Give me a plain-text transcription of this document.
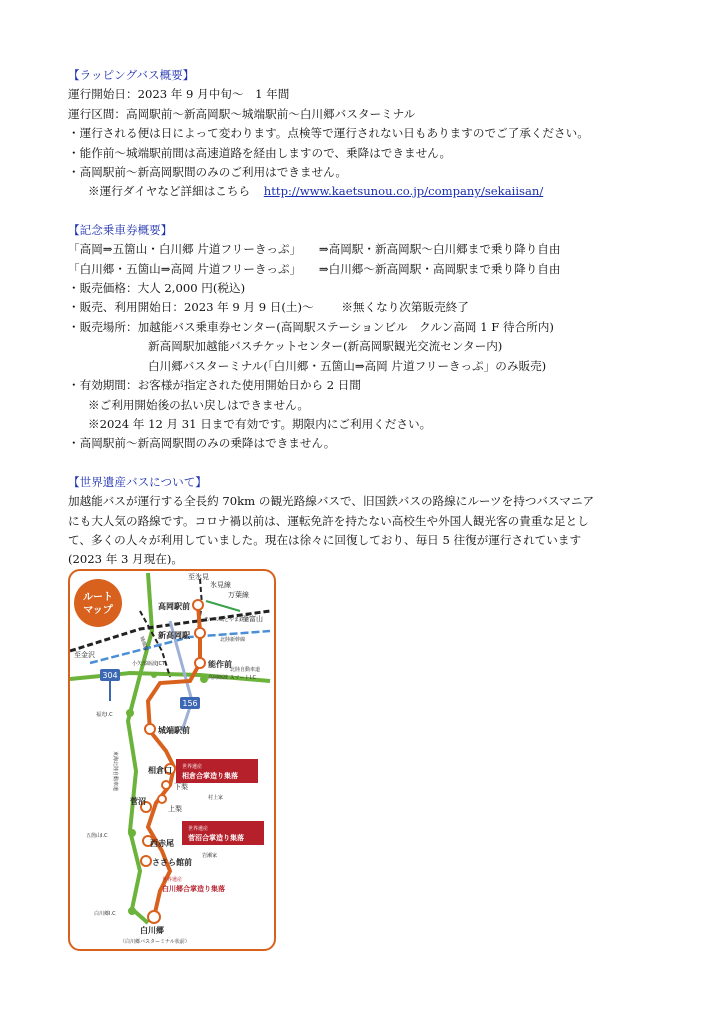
【ラッピングバス概要】
運行開始日：2023 年 9 月中旬～　1 年間
運行区間：高岡駅前～新高岡駅～城端駅前～白川郷バスターミナル
・運行される便は日によって変わります。点検等で運行されない日もありますのでご了承ください。
・能作前～城端駅前間は高速道路を経由しますので、乗降はできません。
・高岡駅前～新高岡駅間のみのご利用はできません。
※運行ダイヤなど詳細はこちら http://www.kaetsunou.co.jp/company/sekaiisan/
【記念乗車券概要】
「高岡⇒五箇山・白川郷 片道フリーきっぷ」 ⇒高岡駅・新高岡駅～白川郷まで乗り降り自由
「白川郷・五箇山⇒高岡 片道フリーきっぷ」 ⇒白川郷～新高岡駅・高岡駅まで乗り降り自由
・販売価格：大人 2,000 円(税込)
・販売、利用開始日：2023 年 9 月 9 日(土)～ ※無くなり次第販売終了
・販売場所：加越能バス乗車券センター(高岡駅ステーションビル　クルン高岡 1 F 待合所内)
新高岡駅加越能バスチケットセンター(新高岡駅観光交流センター内)
白川郷バスターミナル(「白川郷・五箇山⇒高岡 片道フリーきっぷ」のみ販売)
・有効期間：お客様が指定された使用開始日から 2 日間
※ご利用開始後の払い戻しはできません。
※2024 年 12 月 31 日まで有効です。期限内にご利用ください。
・高岡駅前～新高岡駅間のみの乗降はできません。
【世界遺産バスについて】
加越能バスが運行する全長約 70km の観光路線バスで、旧国鉄バスの路線にルーツを持つバスマニア
にも大人気の路線です。コロナ禍以前は、運転免許を持たない高校生や外国人観光客の貴重な足とし
て、多くの人々が利用していました。現在は徐々に回復しており、毎日 5 往復が運行されています
(2023 年 3 月現在)。
ルート
マップ
304
156
至氷見
氷見線
万葉線
高岡駅前
あいの風とやま鉄道
至富山
新高岡駅	北陸新幹線
至金沢
能作前
小矢部砺波JCT
高岡砺波 スマートI.C
北陸自動車道
福光I.C
城端駅前
城端線
東海北陸自動車道	相倉口
下梨
上梨
菅沼	村上家
五箇山I.C
西赤尾
岩瀬家
ささら館前
白川郷I.C
白川郷
（白川郷バスターミナル状前）
世界遺産
相倉合掌造り集落
世界遺産
菅沼合掌造り集落
世界遺産
白川郷合掌造り集落
